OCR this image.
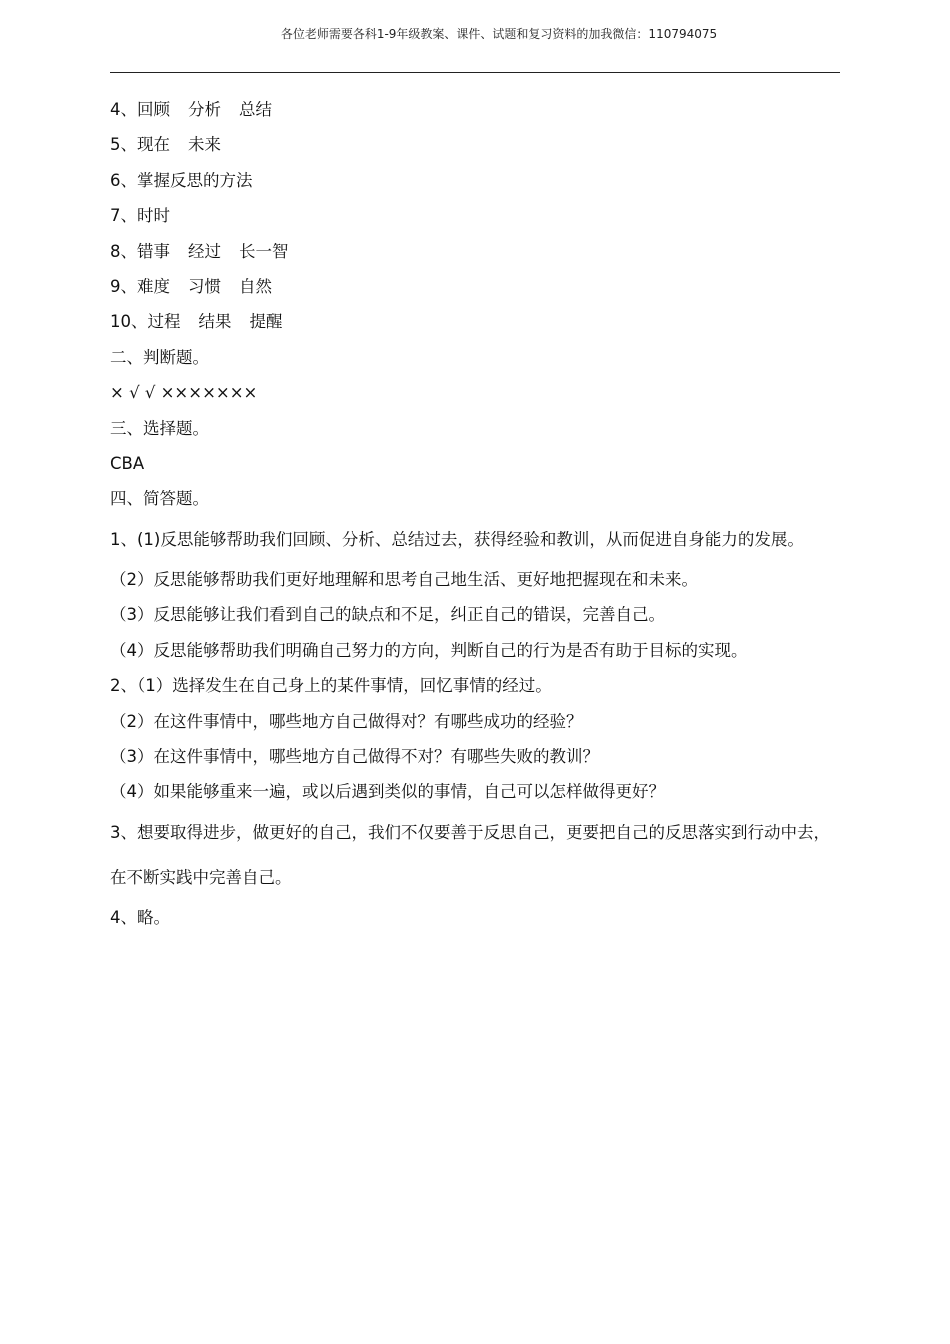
各位老师需要各科1-9年级教案、课件、试题和复习资料的加我微信：110794075

4、回顾 分析 总结

5、现在 未来

6、掌握反思的方法

7、时时

8、错事 经过 长一智

9、难度 习惯 自然

10、过程 结果 提醒

二、判断题。

× √ √ ×××××××

三、选择题。

CBA

四、简答题。

1、(1)反思能够帮助我们回顾、分析、总结过去，获得经验和教训，从而促进自身能力的发展。

（2）反思能够帮助我们更好地理解和思考自己地生活、更好地把握现在和未来。

（3）反思能够让我们看到自己的缺点和不足，纠正自己的错误，完善自己。

（4）反思能够帮助我们明确自己努力的方向，判断自己的行为是否有助于目标的实现。

2、（1）选择发生在自己身上的某件事情，回忆事情的经过。

（2）在这件事情中，哪些地方自己做得对？有哪些成功的经验？

（3）在这件事情中，哪些地方自己做得不对？有哪些失败的教训？

（4）如果能够重来一遍，或以后遇到类似的事情，自己可以怎样做得更好？

3、想要取得进步，做更好的自己，我们不仅要善于反思自己，更要把自己的反思落实到行动中去，在不断实践中完善自己。

4、略。
